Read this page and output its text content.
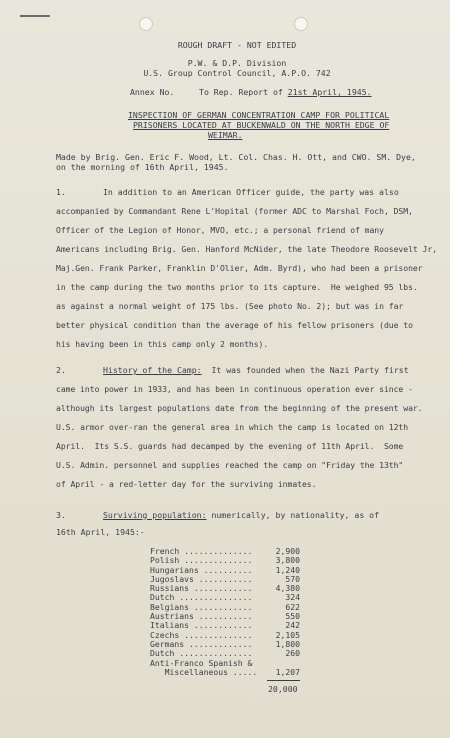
ROUGH DRAFT - NOT EDITED
P.W. & D.P. Division
U.S. Group Control Council, A.P.O. 742
Annex No.     To Rep. Report of 21st April, 1945.
INSPECTION OF GERMAN CONCENTRATION CAMP FOR POLITICAL
PRISONERS LOCATED AT BUCKENWALD ON THE NORTH EDGE OF
WEIMAR.
Made by Brig. Gen. Eric F. Wood, Lt. Col. Chas. H. Ott, and CWO. SM. Dye,
on the morning of 16th April, 1945.
1.	In addition to an American Officer guide, the party was also
accompanied by Commandant Rene L'Hopital (former ADC to Marshal Foch, DSM,
Officer of the Legion of Honor, MVO, etc.; a personal friend of many
Americans including Brig. Gen. Hanford McNider, the late Theodore Roosevelt Jr,
Maj.Gen. Frank Parker, Franklin D'Olier, Adm. Byrd), who had been a prisoner
in the camp during the two months prior to its capture.  He weighed 95 lbs.
as against a normal weight of 175 lbs. (See photo No. 2); but was in far
better physical condition than the average of his fellow prisoners (due to
his having been in this camp only 2 months).
2.	History of the Camp:  It was founded when the Nazi Party first
came into power in 1933, and has been in continuous operation ever since -
although its largest populations date from the beginning of the present war.
U.S. armor over-ran the general area in which the camp is located on 12th
April.  Its S.S. guards had decamped by the evening of 11th April.  Some
U.S. Admin. personnel and supplies reached the camp on "Friday the 13th"
of April - a red-letter day for the surviving inmates.
3.	Surviving population: numerically, by nationality, as of
16th April, 1945:-
French ..............	2,900
Polish ..............	3,800
Hungarians ..........	1,240
Jugoslavs ...........	570
Russians ............	4,380
Dutch ...............	324
Belgians ............	622
Austrians ...........	550
Italians ............	242
Czechs ..............	2,105
Germans .............	1,800
Dutch ...............	260
Anti-Franco Spanish &
Miscellaneous ..... 1,207
20,000
